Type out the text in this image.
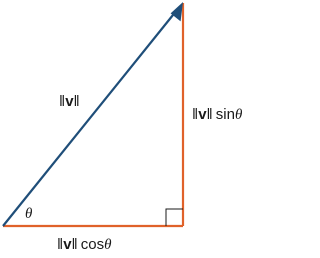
‖v‖
‖v‖ sinθ
‖v‖ cosθ
θ
